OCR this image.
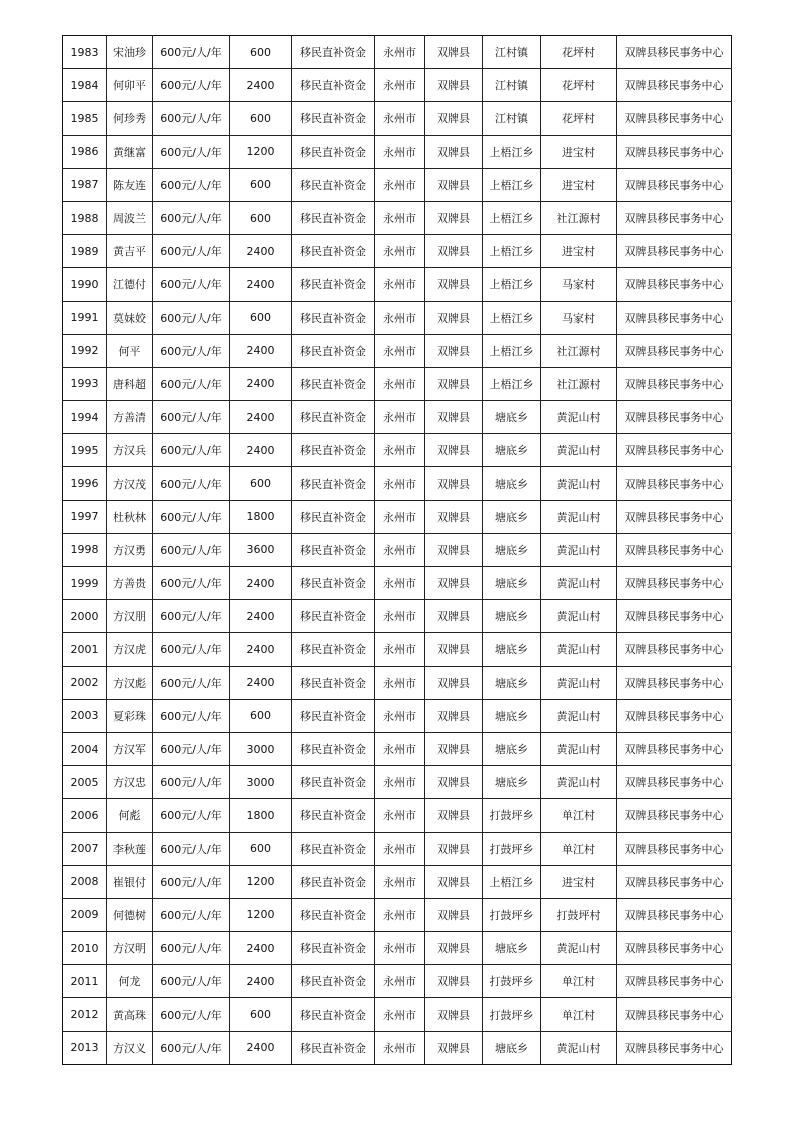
1983	宋油珍	600元/人/年	600	移民直补资金	永州市	双牌县	江村镇	花坪村	双牌县移民事务中心
1984	何卯平	600元/人/年	2400	移民直补资金	永州市	双牌县	江村镇	花坪村	双牌县移民事务中心
1985	何珍秀	600元/人/年	600	移民直补资金	永州市	双牌县	江村镇	花坪村	双牌县移民事务中心
1986	黄继富	600元/人/年	1200	移民直补资金	永州市	双牌县	上梧江乡	进宝村	双牌县移民事务中心
1987	陈友连	600元/人/年	600	移民直补资金	永州市	双牌县	上梧江乡	进宝村	双牌县移民事务中心
1988	周波兰	600元/人/年	600	移民直补资金	永州市	双牌县	上梧江乡	社江源村	双牌县移民事务中心
1989	黄吉平	600元/人/年	2400	移民直补资金	永州市	双牌县	上梧江乡	进宝村	双牌县移民事务中心
1990	江德付	600元/人/年	2400	移民直补资金	永州市	双牌县	上梧江乡	马家村	双牌县移民事务中心
1991	莫妹姣	600元/人/年	600	移民直补资金	永州市	双牌县	上梧江乡	马家村	双牌县移民事务中心
1992	何平	600元/人/年	2400	移民直补资金	永州市	双牌县	上梧江乡	社江源村	双牌县移民事务中心
1993	唐科超	600元/人/年	2400	移民直补资金	永州市	双牌县	上梧江乡	社江源村	双牌县移民事务中心
1994	方善清	600元/人/年	2400	移民直补资金	永州市	双牌县	塘底乡	黄泥山村	双牌县移民事务中心
1995	方汉兵	600元/人/年	2400	移民直补资金	永州市	双牌县	塘底乡	黄泥山村	双牌县移民事务中心
1996	方汉茂	600元/人/年	600	移民直补资金	永州市	双牌县	塘底乡	黄泥山村	双牌县移民事务中心
1997	杜秋林	600元/人/年	1800	移民直补资金	永州市	双牌县	塘底乡	黄泥山村	双牌县移民事务中心
1998	方汉勇	600元/人/年	3600	移民直补资金	永州市	双牌县	塘底乡	黄泥山村	双牌县移民事务中心
1999	方善贵	600元/人/年	2400	移民直补资金	永州市	双牌县	塘底乡	黄泥山村	双牌县移民事务中心
2000	方汉朋	600元/人/年	2400	移民直补资金	永州市	双牌县	塘底乡	黄泥山村	双牌县移民事务中心
2001	方汉虎	600元/人/年	2400	移民直补资金	永州市	双牌县	塘底乡	黄泥山村	双牌县移民事务中心
2002	方汉彪	600元/人/年	2400	移民直补资金	永州市	双牌县	塘底乡	黄泥山村	双牌县移民事务中心
2003	夏彩珠	600元/人/年	600	移民直补资金	永州市	双牌县	塘底乡	黄泥山村	双牌县移民事务中心
2004	方汉军	600元/人/年	3000	移民直补资金	永州市	双牌县	塘底乡	黄泥山村	双牌县移民事务中心
2005	方汉忠	600元/人/年	3000	移民直补资金	永州市	双牌县	塘底乡	黄泥山村	双牌县移民事务中心
2006	何彪	600元/人/年	1800	移民直补资金	永州市	双牌县	打鼓坪乡	单江村	双牌县移民事务中心
2007	李秋莲	600元/人/年	600	移民直补资金	永州市	双牌县	打鼓坪乡	单江村	双牌县移民事务中心
2008	崔银付	600元/人/年	1200	移民直补资金	永州市	双牌县	上梧江乡	进宝村	双牌县移民事务中心
2009	何德树	600元/人/年	1200	移民直补资金	永州市	双牌县	打鼓坪乡	打鼓坪村	双牌县移民事务中心
2010	方汉明	600元/人/年	2400	移民直补资金	永州市	双牌县	塘底乡	黄泥山村	双牌县移民事务中心
2011	何龙	600元/人/年	2400	移民直补资金	永州市	双牌县	打鼓坪乡	单江村	双牌县移民事务中心
2012	黄高珠	600元/人/年	600	移民直补资金	永州市	双牌县	打鼓坪乡	单江村	双牌县移民事务中心
2013	方汉义	600元/人/年	2400	移民直补资金	永州市	双牌县	塘底乡	黄泥山村	双牌县移民事务中心
